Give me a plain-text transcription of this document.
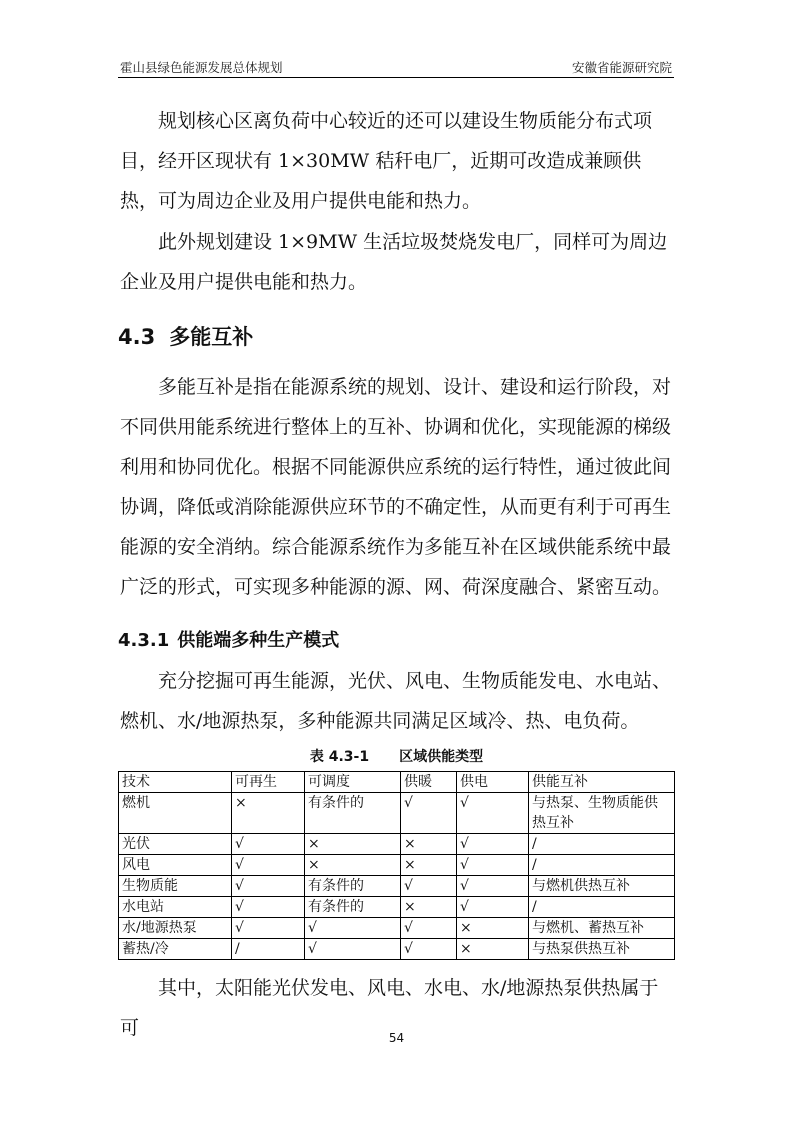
霍山县绿色能源发展总体规划	安徽省能源研究院

规划核心区离负荷中心较近的还可以建设生物质能分布式项目，经开区现状有 1×30MW 秸秆电厂，近期可改造成兼顾供热，可为周边企业及用户提供电能和热力。

此外规划建设 1×9MW 生活垃圾焚烧发电厂，同样可为周边企业及用户提供电能和热力。

4.3 多能互补

多能互补是指在能源系统的规划、设计、建设和运行阶段，对不同供用能系统进行整体上的互补、协调和优化，实现能源的梯级利用和协同优化。根据不同能源供应系统的运行特性，通过彼此间协调，降低或消除能源供应环节的不确定性，从而更有利于可再生能源的安全消纳。综合能源系统作为多能互补在区域供能系统中最广泛的形式，可实现多种能源的源、网、荷深度融合、紧密互动。

4.3.1 供能端多种生产模式

充分挖掘可再生能源，光伏、风电、生物质能发电、水电站、燃机、水/地源热泵，多种能源共同满足区域冷、热、电负荷。

表 4.3-1 区域供能类型
技术	可再生	可调度	供暖	供电	供能互补
燃机	×	有条件的	√	√	与热泵、生物质能供热互补
光伏	√	×	×	√	/
风电	√	×	×	√	/
生物质能	√	有条件的	√	√	与燃机供热互补
水电站	√	有条件的	×	√	/
水/地源热泵	√	√	√	×	与燃机、蓄热互补
蓄热/冷	/	√	√	×	与热泵供热互补

其中，太阳能光伏发电、风电、水电、水/地源热泵供热属于可	54
